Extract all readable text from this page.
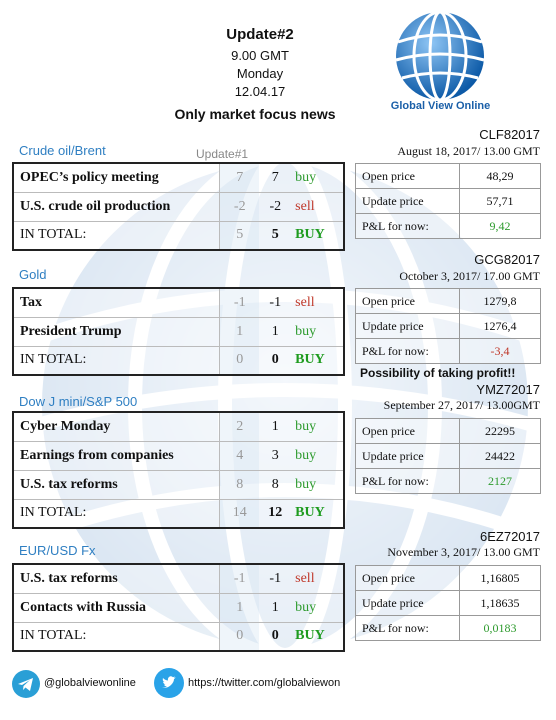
Update#2
9.00 GMT
Monday
12.04.17
Only market focus news	Global View Online
Crude oil/Brent	Update#1
OPEC’s policy meeting	7	7	buy
U.S. crude oil production	-2	-2	sell
IN TOTAL:	5	5	BUY
CLF82017
August 18, 2017/ 13.00 GMT
Open price	48,29
Update price	57,71
P&L for now:	9,42
Gold
Tax	-1	-1	sell
President Trump	1	1	buy
IN TOTAL:	0	0	BUY
GCG82017
October 3, 2017/ 17.00 GMT
Open price	1279,8
Update price	1276,4
P&L for now:	-3,4
Possibility of taking profit!!
Dow J mini/S&P 500
Cyber Monday	2	1	buy
Earnings from companies	4	3	buy
U.S. tax reforms	8	8	buy
IN TOTAL:	14	12	BUY
YMZ72017
September 27, 2017/ 13.00GMT
Open price	22295
Update price	24422
P&L for now:	2127
EUR/USD Fx
U.S. tax reforms	-1	-1	sell
Contacts with Russia	1	1	buy
IN TOTAL:	0	0	BUY
6EZ72017
November 3, 2017/ 13.00 GMT
Open price	1,16805
Update price	1,18635
P&L for now:	0,0183
@globalviewonline	https://twitter.com/globalviewon
